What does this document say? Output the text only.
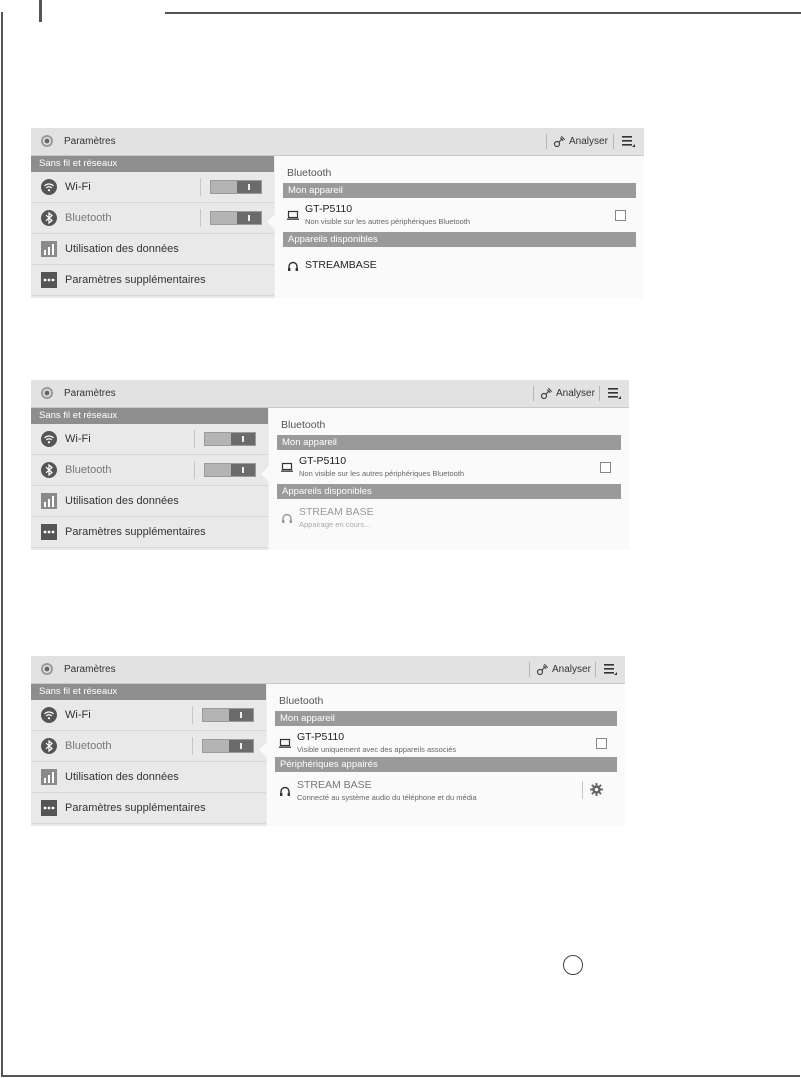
Paramètres	Analyser
Sans fil et réseaux
Wi-Fi
Bluetooth
Utilisation des données
Paramètres supplémentaires
Bluetooth
Mon appareil
GT-P5110
Non visible sur les autres périphériques Bluetooth
Appareils disponibles
STREAMBASE
Paramètres	Analyser
Sans fil et réseaux
Wi-Fi
Bluetooth
Utilisation des données
Paramètres supplémentaires
Bluetooth
Mon appareil
GT-P5110
Non visible sur les autres périphériques Bluetooth
Appareils disponibles
STREAM BASE
Appairage en cours...
Paramètres	Analyser
Sans fil et réseaux
Wi-Fi
Bluetooth
Utilisation des données
Paramètres supplémentaires
Bluetooth
Mon appareil
GT-P5110
Visible uniquement avec des appareils associés
Périphériques appairés
STREAM BASE
Connecté au système audio du téléphone et du média
